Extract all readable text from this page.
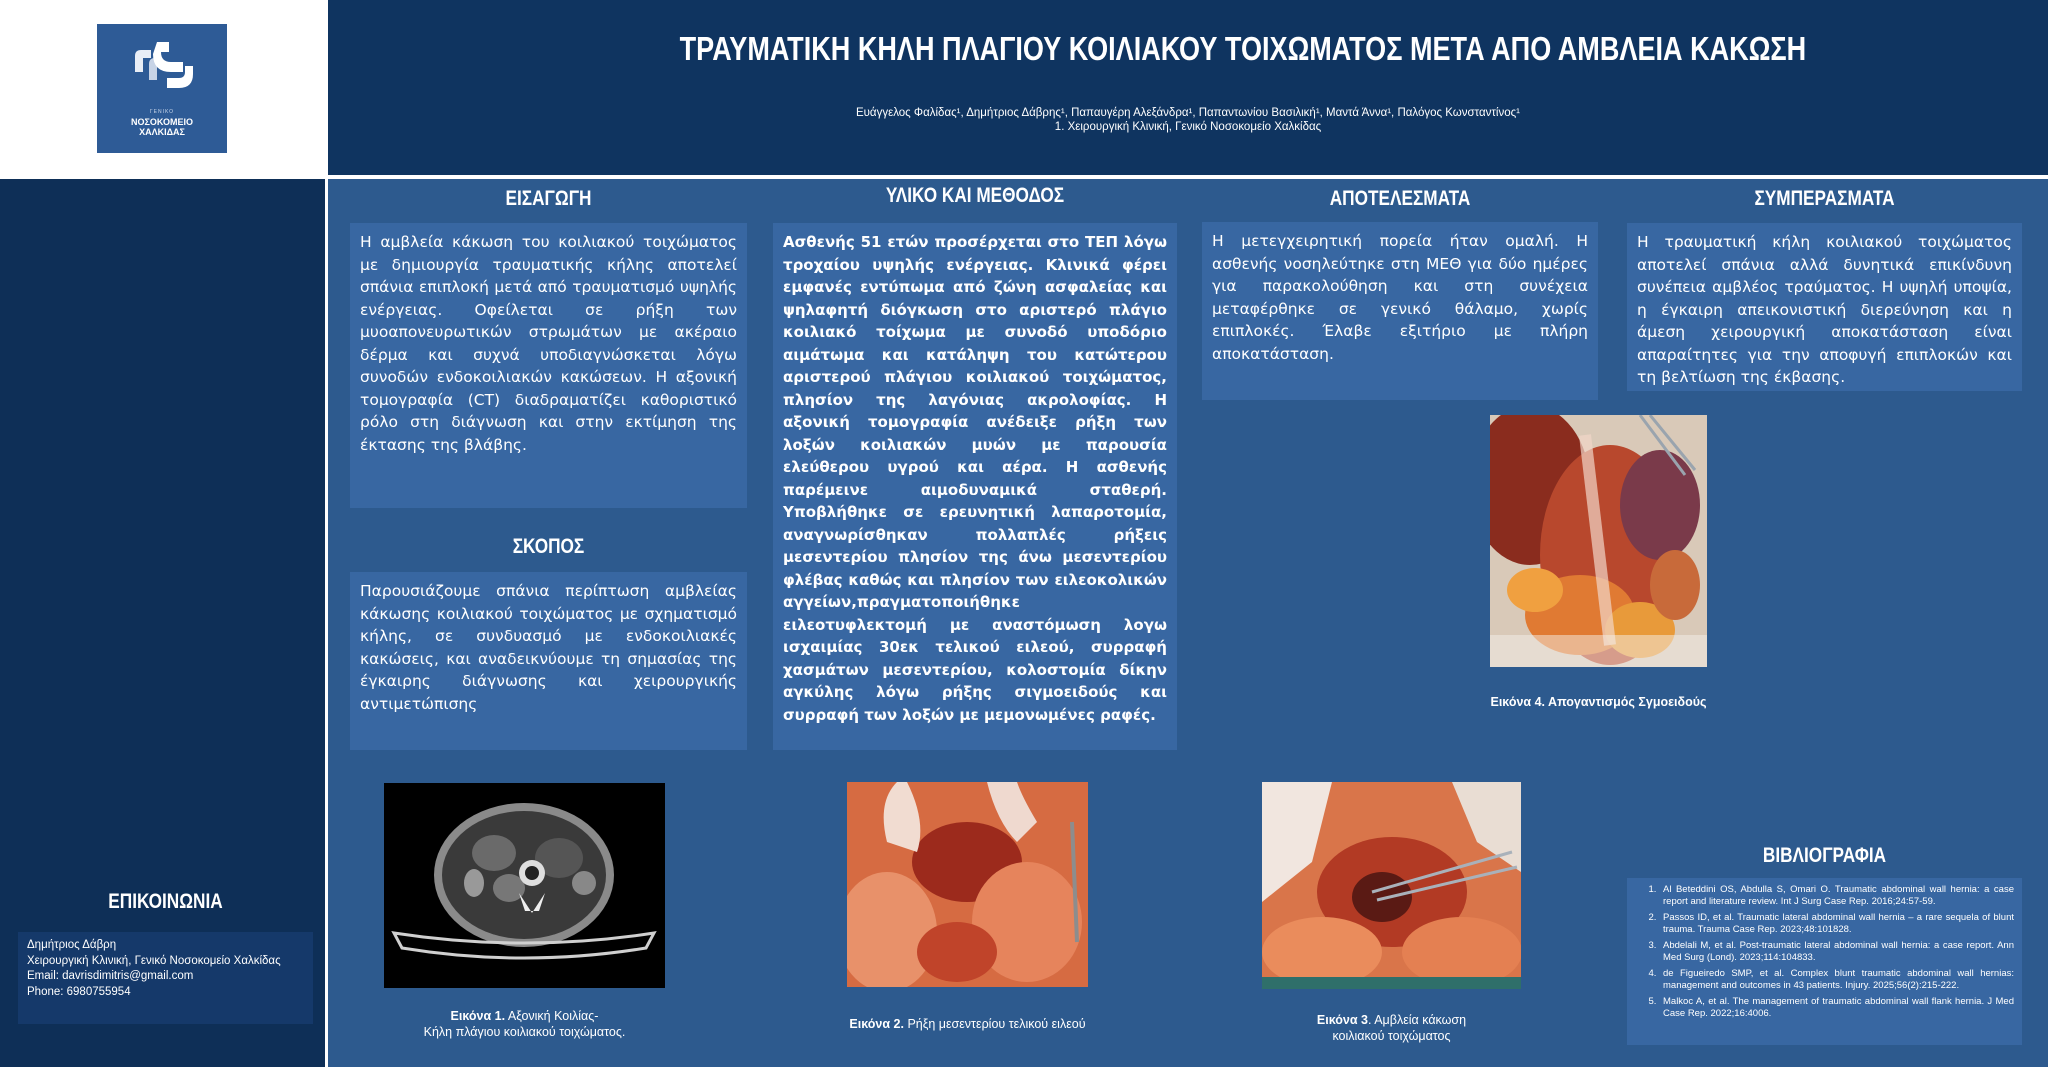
ΓΕΝΙΚΟ
ΝΟΣΟΚΟΜΕΙΟ
ΧΑΛΚΙΔΑΣ
ΤΡΑΥΜΑΤΙΚΗ ΚΗΛΗ ΠΛΑΓΙΟΥ ΚΟΙΛΙΑΚΟΥ ΤΟΙΧΩΜΑΤΟΣ ΜΕΤΑ ΑΠΟ ΑΜΒΛΕΙΑ ΚΑΚΩΣΗ
Ευάγγελος Φαλίδας¹, Δημήτριος Δάβρης¹, Παπαυγέρη Αλεξάνδρα¹, Παπαντωνίου Βασιλική¹, Μαντά Άννα¹, Παλόγος Κωνσταντίνος¹
1. Χειρουργική Κλινική, Γενικό Νοσοκομείο Χαλκίδας
ΕΙΣΑΓΩΓΗ
Η αμβλεία κάκωση του κοιλιακού τοιχώματος με δημιουργία τραυματικής κήλης αποτελεί σπάνια επιπλοκή μετά από τραυματισμό υψηλής ενέργειας. Οφείλεται σε ρήξη των μυοαπονευρωτικών στρωμάτων με ακέραιο δέρμα και συχνά υποδιαγνώσκεται λόγω συνοδών ενδοκοιλιακών κακώσεων. Η αξονική τομογραφία (CT) διαδραματίζει καθοριστικό ρόλο στη διάγνωση και στην εκτίμηση της έκτασης της βλάβης.
ΣΚΟΠΟΣ
Παρουσιάζουμε σπάνια περίπτωση αμβλείας κάκωσης κοιλιακού τοιχώματος με σχηματισμό κήλης, σε συνδυασμό με ενδοκοιλιακές κακώσεις, και αναδεικνύουμε τη σημασίας της έγκαιρης διάγνωσης και χειρουργικής αντιμετώπισης
ΥΛΙΚΟ ΚΑΙ ΜΕΘΟΔΟΣ
Ασθενής 51 ετών προσέρχεται στο ΤΕΠ λόγω τροχαίου υψηλής ενέργειας. Κλινικά φέρει εμφανές εντύπωμα από ζώνη ασφαλείας και ψηλαφητή διόγκωση στο αριστερό πλάγιο κοιλιακό τοίχωμα με συνοδό υποδόριο αιμάτωμα και κατάληψη του κατώτερου αριστερού πλάγιου κοιλιακού τοιχώματος, πλησίον της λαγόνιας ακρολοφίας. Η αξονική τομογραφία ανέδειξε ρήξη των λοξών κοιλιακών μυών με παρουσία ελεύθερου υγρού και αέρα. Η ασθενής παρέμεινε αιμοδυναμικά σταθερή. Υποβλήθηκε σε ερευνητική λαπαροτομία, αναγνωρίσθηκαν πολλαπλές ρήξεις μεσεντερίου πλησίον της άνω μεσεντερίου φλέβας καθώς και πλησίον των ειλεοκολικών αγγείων,πραγματοποιήθηκε ειλεοτυφλεκτομή με αναστόμωση λογω ισχαιμίας 30εκ τελικού ειλεού, συρραφή χασμάτων μεσεντερίου, κολοστομία δίκην αγκύλης λόγω ρήξης σιγμοειδούς και συρραφή των λοξών με μεμονωμένες ραφές.
ΑΠΟΤΕΛΕΣΜΑΤΑ
Η μετεγχειρητική πορεία ήταν ομαλή. Η ασθενής νοσηλεύτηκε στη ΜΕΘ για δύο ημέρες για παρακολούθηση και στη συνέχεια μεταφέρθηκε σε γενικό θάλαμο, χωρίς επιπλοκές. Έλαβε εξιτήριο με πλήρη αποκατάσταση.
ΣΥΜΠΕΡΑΣΜΑΤΑ
Η τραυματική κήλη κοιλιακού τοιχώματος αποτελεί σπάνια αλλά δυνητικά επικίνδυνη συνέπεια αμβλέος τραύματος. Η υψηλή υποψία, η έγκαιρη απεικονιστική διερεύνηση και η άμεση χειρουργική αποκατάσταση είναι απαραίτητες για την αποφυγή επιπλοκών και τη βελτίωση της έκβασης.
Εικόνα 4. Απογαντισμός Σγμοειδούς
Εικόνα 1. Αξονική Κοιλίας-
Κήλη πλάγιου κοιλιακού τοιχώματος.
Εικόνα 2. Ρήξη μεσεντερίου τελικού ειλεού	Εικόνα 3. Αμβλεία κάκωση
κοιλιακού τοιχώματος
ΒΙΒΛΙΟΓΡΑΦΙΑ
1. Al Beteddini OS, Abdulla S, Omari O. Traumatic abdominal wall hernia: a case report and literature review. Int J Surg Case Rep. 2016;24:57-59.
2. Passos ID, et al. Traumatic lateral abdominal wall hernia – a rare sequela of blunt trauma. Trauma Case Rep. 2023;48:101828.
3. Abdelali M, et al. Post-traumatic lateral abdominal wall hernia: a case report. Ann Med Surg (Lond). 2023;114:104833.
4. de Figueiredo SMP, et al. Complex blunt traumatic abdominal wall hernias: management and outcomes in 43 patients. Injury. 2025;56(2):215-222.
5. Malkoc A, et al. The management of traumatic abdominal wall flank hernia. J Med Case Rep. 2022;16:4006.
ΕΠΙΚΟΙΝΩΝΙΑ
Δημήτριος Δάβρη
Χειρουργική Κλινική, Γενικό Νοσοκομείο Χαλκίδας
Email: davrisdimitris@gmail.com
Phone: 6980755954
